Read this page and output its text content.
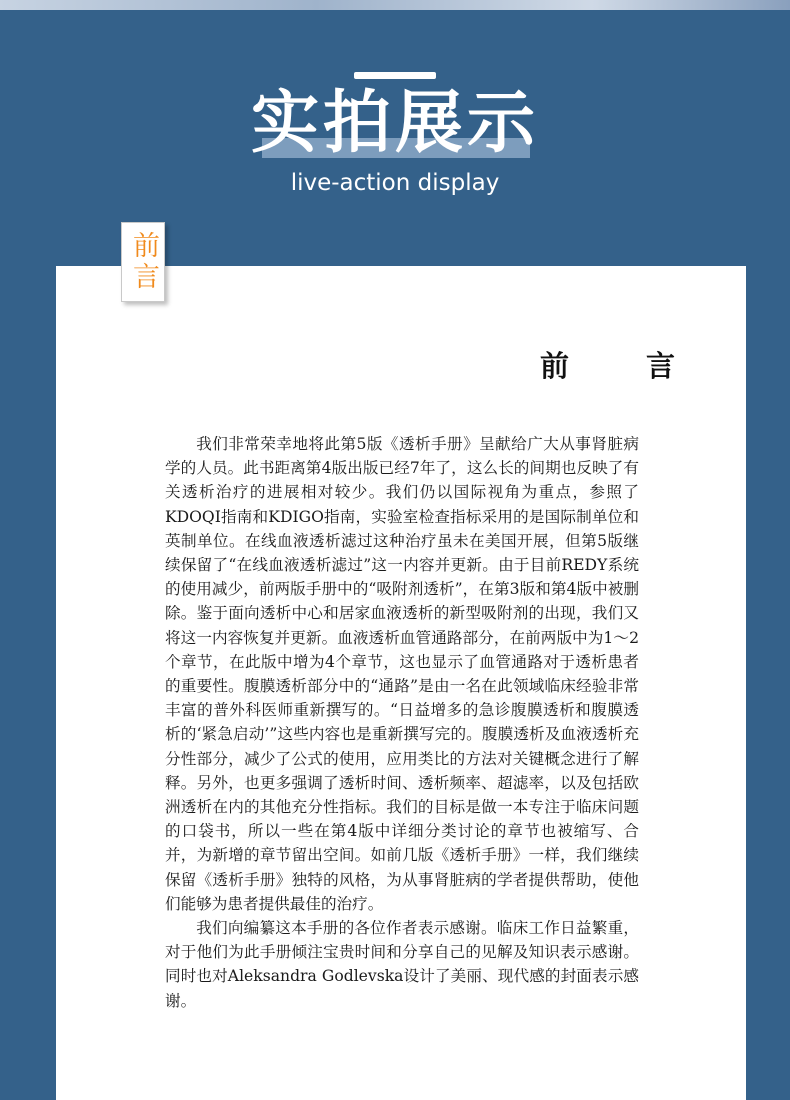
实拍展示
live-action display
前言
前　言

我们非常荣幸地将此第5版《透析手册》呈献给广大从事肾脏病学的人员。此书距离第4版出版已经7年了，这么长的间期也反映了有关透析治疗的进展相对较少。我们仍以国际视角为重点，参照了KDOQI指南和KDIGO指南，实验室检查指标采用的是国际制单位和英制单位。在线血液透析滤过这种治疗虽未在美国开展，但第5版继续保留了“在线血液透析滤过”这一内容并更新。由于目前REDY系统的使用减少，前两版手册中的“吸附剂透析”，在第3版和第4版中被删除。鉴于面向透析中心和居家血液透析的新型吸附剂的出现，我们又将这一内容恢复并更新。血液透析血管通路部分，在前两版中为1～2个章节，在此版中增为4个章节，这也显示了血管通路对于透析患者的重要性。腹膜透析部分中的“通路”是由一名在此领域临床经验非常丰富的普外科医师重新撰写的。“日益增多的急诊腹膜透析和腹膜透析的‘紧急启动’”这些内容也是重新撰写完的。腹膜透析及血液透析充分性部分，减少了公式的使用，应用类比的方法对关键概念进行了解释。另外，也更多强调了透析时间、透析频率、超滤率，以及包括欧洲透析在内的其他充分性指标。我们的目标是做一本专注于临床问题的口袋书，所以一些在第4版中详细分类讨论的章节也被缩写、合并，为新增的章节留出空间。如前几版《透析手册》一样，我们继续保留《透析手册》独特的风格，为从事肾脏病的学者提供帮助，使他们能够为患者提供最佳的治疗。

我们向编纂这本手册的各位作者表示感谢。临床工作日益繁重，对于他们为此手册倾注宝贵时间和分享自己的见解及知识表示感谢。同时也对Aleksandra Godlevska设计了美丽、现代感的封面表示感谢。
